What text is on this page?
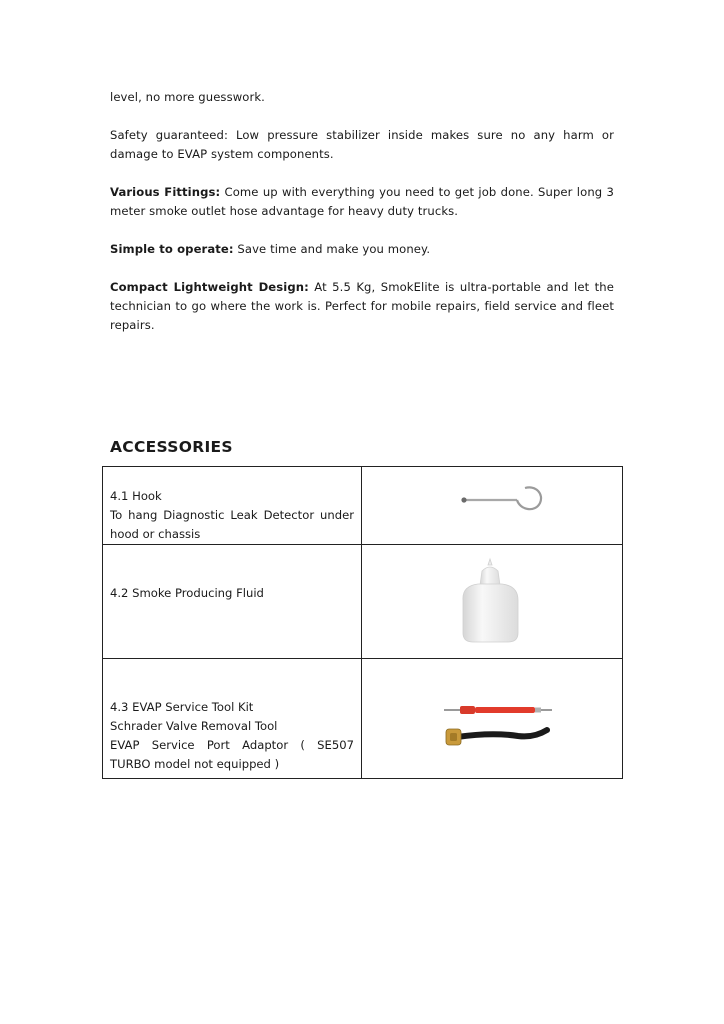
level, no more guesswork.
Safety guaranteed: Low pressure stabilizer inside makes sure no any harm or damage to EVAP system components.
Various Fittings: Come up with everything you need to get job done. Super long 3 meter smoke outlet hose advantage for heavy duty trucks.
Simple to operate: Save time and make you money.
Compact Lightweight Design: At 5.5 Kg, SmokElite is ultra-portable and let the technician to go where the work is. Perfect for mobile repairs, field service and fleet repairs.
ACCESSORIES
4.1 Hook
To hang Diagnostic Leak Detector under hood or chassis

4.2 Smoke Producing Fluid

4.3 EVAP Service Tool Kit
Schrader Valve Removal Tool
EVAP Service Port Adaptor ( SE507
TURBO model not equipped )
